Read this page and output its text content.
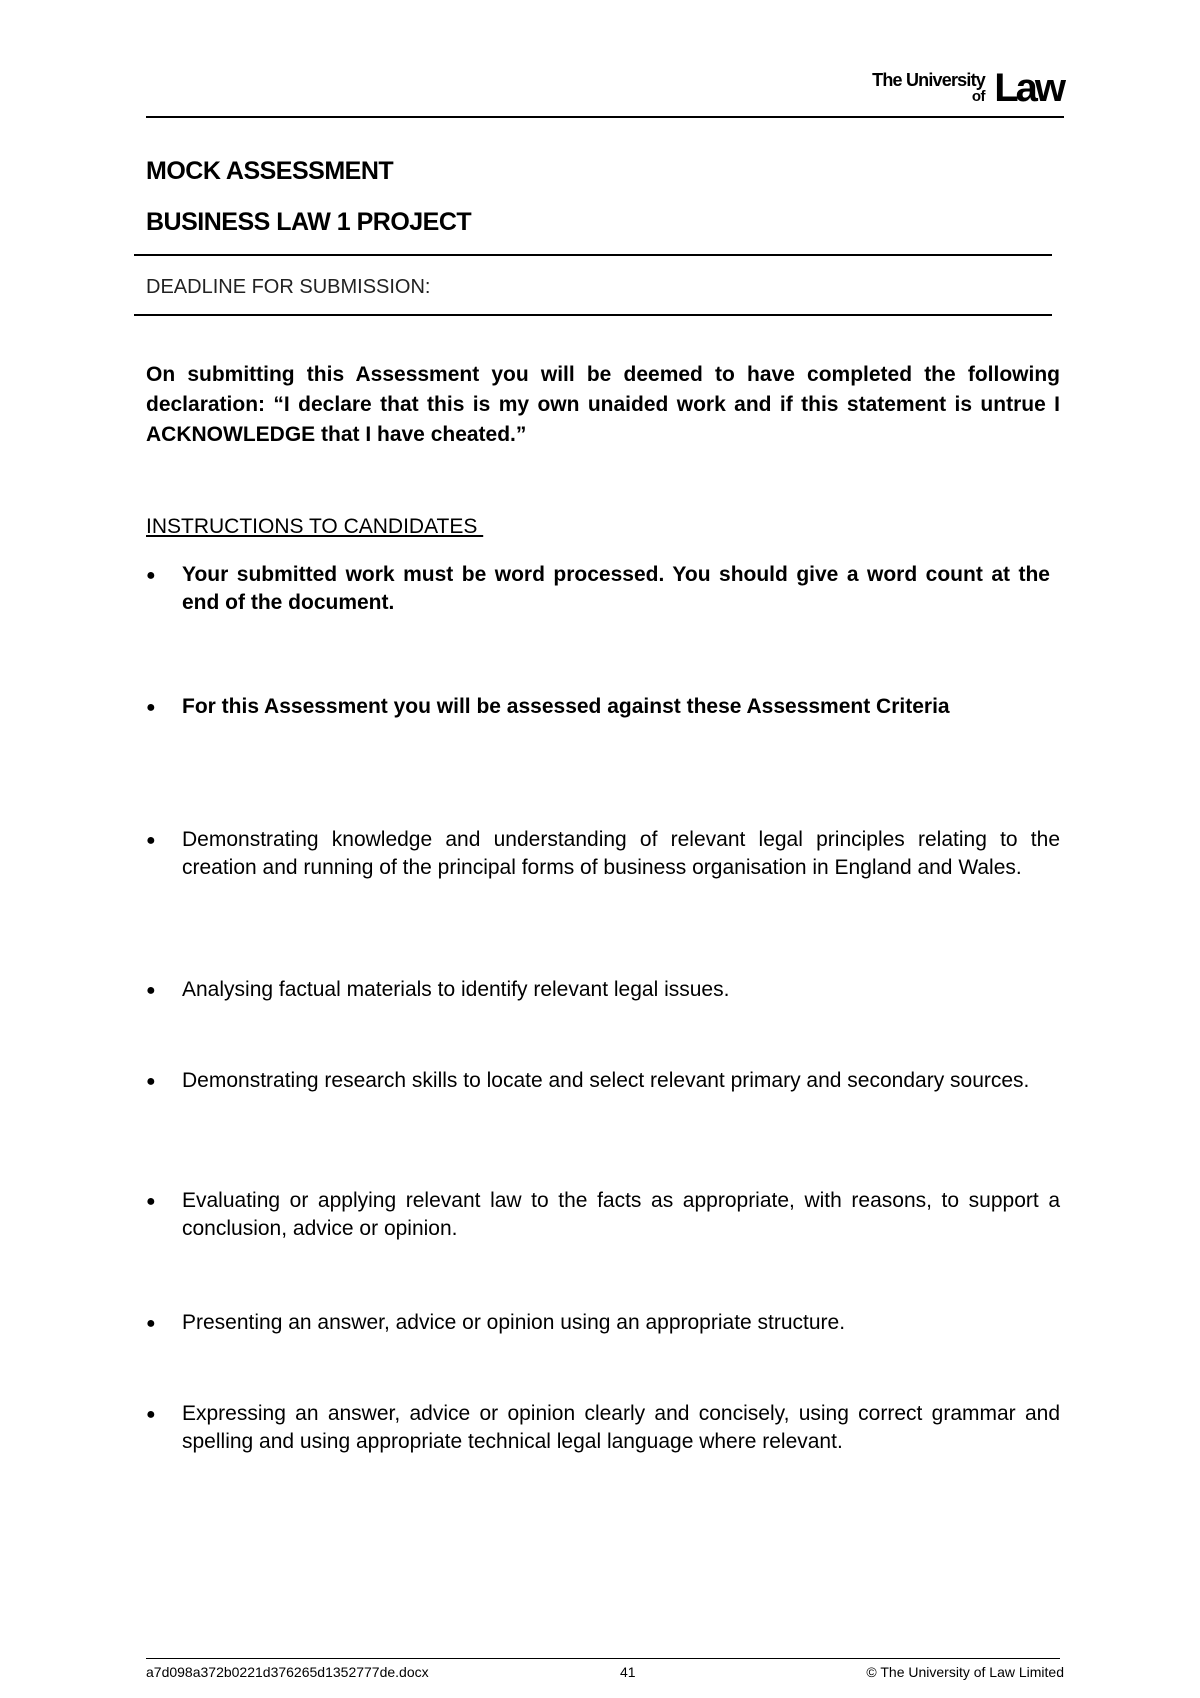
The University
of Law
MOCK ASSESSMENT
BUSINESS LAW 1 PROJECT
DEADLINE FOR SUBMISSION:
On submitting this Assessment you will be deemed to have completed the following declaration: “I declare that this is my own unaided work and if this statement is untrue I ACKNOWLEDGE that I have cheated.”
INSTRUCTIONS TO CANDIDATES
● Your submitted work must be word processed. You should give a word count at the end of the document.
● For this Assessment you will be assessed against these Assessment Criteria
● Demonstrating knowledge and understanding of relevant legal principles relating to the creation and running of the principal forms of business organisation in England and Wales.
● Analysing factual materials to identify relevant legal issues.
● Demonstrating research skills to locate and select relevant primary and secondary sources.
● Evaluating or applying relevant law to the facts as appropriate, with reasons, to support a conclusion, advice or opinion.
● Presenting an answer, advice or opinion using an appropriate structure.
● Expressing an answer, advice or opinion clearly and concisely, using correct grammar and spelling and using appropriate technical legal language where relevant.
a7d098a372b0221d376265d1352777de.docx	41	© The University of Law Limited
